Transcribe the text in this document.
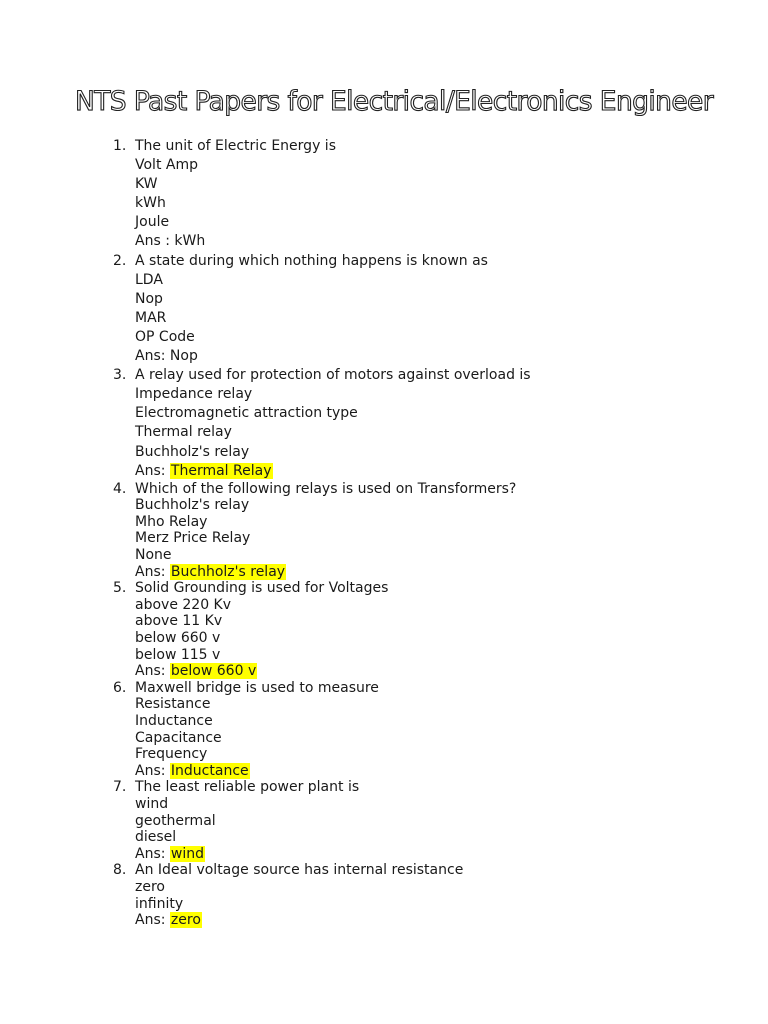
NTS Past Papers for Electrical/Electronics Engineer
1. The unit of Electric Energy is
Volt Amp
KW
kWh
Joule
Ans : kWh
2. A state during which nothing happens is known as
LDA
Nop
MAR
OP Code
Ans: Nop
3. A relay used for protection of motors against overload is
Impedance relay
Electromagnetic attraction type
Thermal relay
Buchholz's relay
Ans: Thermal Relay
4. Which of the following relays is used on Transformers?
Buchholz's relay
Mho Relay
Merz Price Relay
None
Ans: Buchholz's relay
5. Solid Grounding is used for Voltages
above 220 Kv
above 11 Kv
below 660 v
below 115 v
Ans: below 660 v
6. Maxwell bridge is used to measure
Resistance
Inductance
Capacitance
Frequency
Ans: Inductance
7. The least reliable power plant is
wind
geothermal
diesel
Ans: wind
8. An Ideal voltage source has internal resistance
zero
infinity
Ans: zero
